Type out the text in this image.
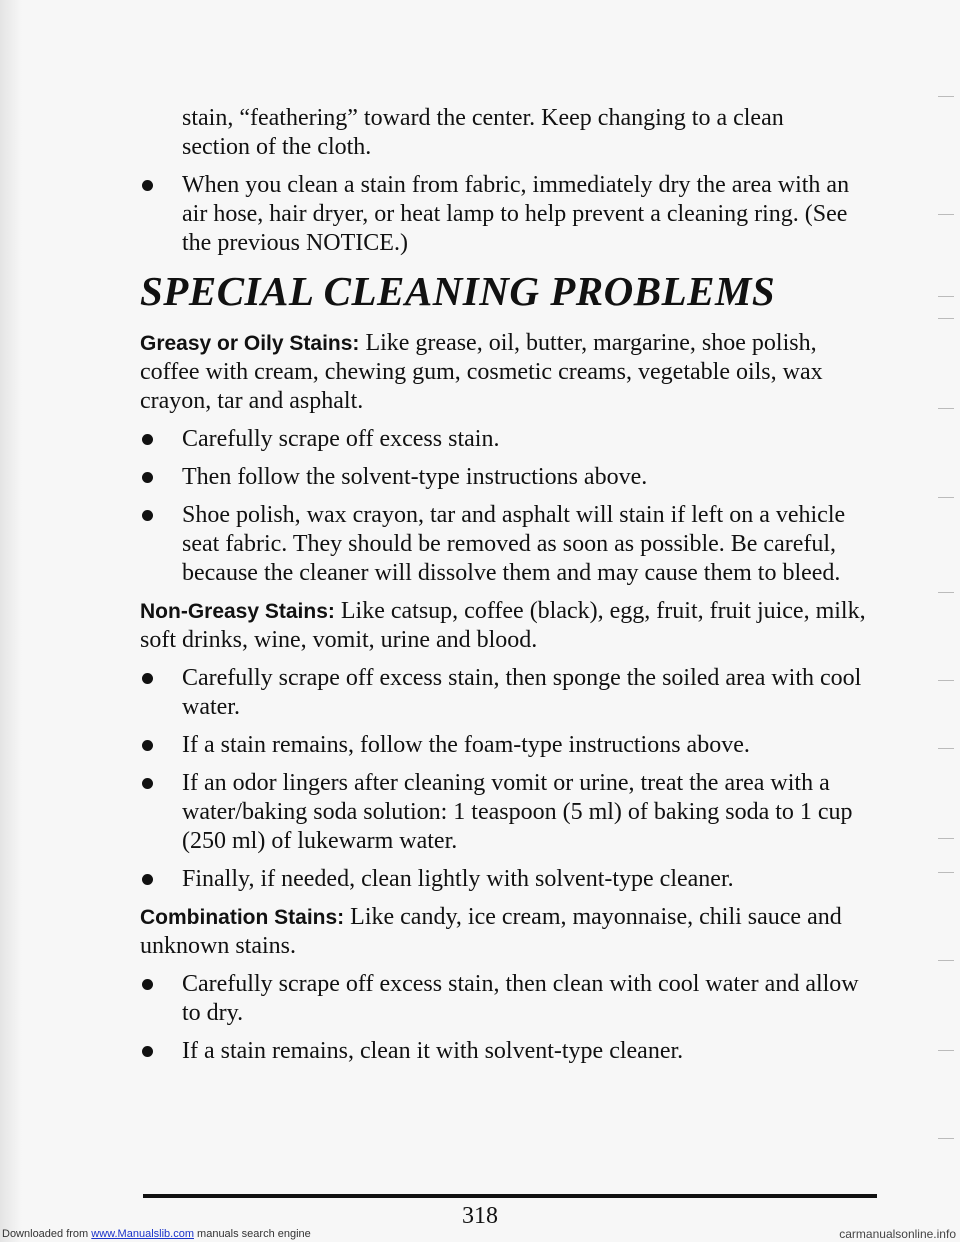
stain, “feathering” toward the center. Keep changing to a clean
section of the cloth.

When you clean a stain from fabric, immediately dry the area with an air hose, hair dryer, or heat lamp to help prevent a cleaning ring. (See the previous NOTICE.)
SPECIAL CLEANING PROBLEMS

Greasy or Oily Stains: Like grease, oil, butter, margarine, shoe polish, coffee with cream, chewing gum, cosmetic creams, vegetable oils, wax crayon, tar and asphalt.

Carefully scrape off excess stain.
Then follow the solvent-type instructions above.
Shoe polish, wax crayon, tar and asphalt will stain if left on a vehicle seat fabric. They should be removed as soon as possible. Be careful, because the cleaner will dissolve them and may cause them to bleed.

Non-Greasy Stains: Like catsup, coffee (black), egg, fruit, fruit juice, milk, soft drinks, wine, vomit, urine and blood.

Carefully scrape off excess stain, then sponge the soiled area with cool water.
If a stain remains, follow the foam-type instructions above.
If an odor lingers after cleaning vomit or urine, treat the area with a water/baking soda solution: 1 teaspoon (5 ml) of baking soda to 1 cup (250 ml) of lukewarm water.
Finally, if needed, clean lightly with solvent-type cleaner.

Combination Stains: Like candy, ice cream, mayonnaise, chili sauce and unknown stains.

Carefully scrape off excess stain, then clean with cool water and allow to dry.
If a stain remains, clean it with solvent-type cleaner.
318
Downloaded from www.Manualslib.com manuals search engine	carmanualsonline.info
